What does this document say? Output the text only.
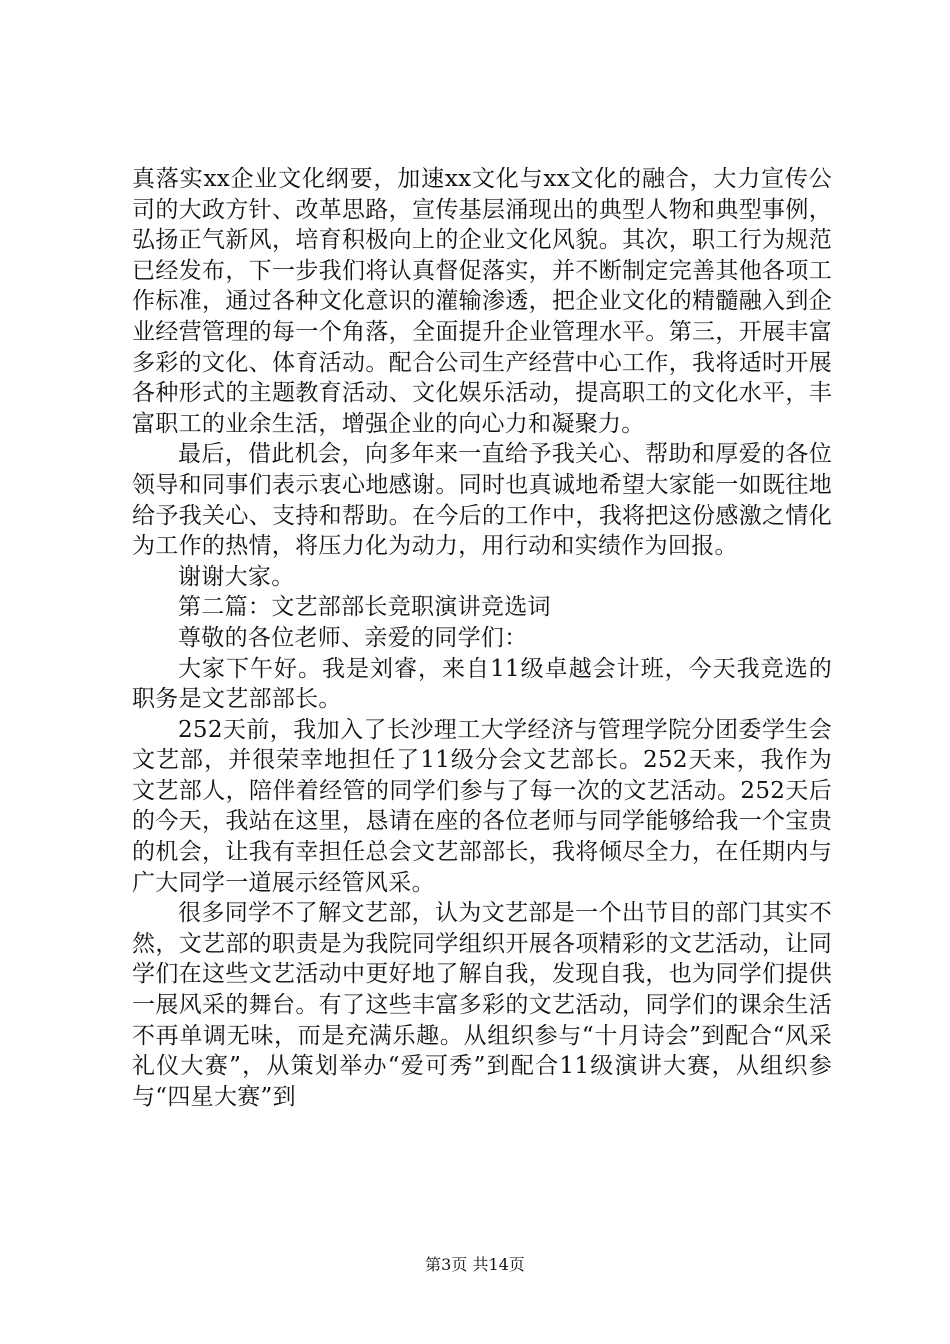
真落实xx企业文化纲要，加速xx文化与xx文化的融合，大力宣传公司的大政方针、改革思路，宣传基层涌现出的典型人物和典型事例，弘扬正气新风，培育积极向上的企业文化风貌。其次，职工行为规范已经发布，下一步我们将认真督促落实，并不断制定完善其他各项工作标准，通过各种文化意识的灌输渗透，把企业文化的精髓融入到企业经营管理的每一个角落，全面提升企业管理水平。第三，开展丰富多彩的文化、体育活动。配合公司生产经营中心工作，我将适时开展各种形式的主题教育活动、文化娱乐活动，提高职工的文化水平，丰富职工的业余生活，增强企业的向心力和凝聚力。

最后，借此机会，向多年来一直给予我关心、帮助和厚爱的各位领导和同事们表示衷心地感谢。同时也真诚地希望大家能一如既往地给予我关心、支持和帮助。在今后的工作中，我将把这份感激之情化为工作的热情，将压力化为动力，用行动和实绩作为回报。

谢谢大家。

第二篇：文艺部部长竞职演讲竞选词

尊敬的各位老师、亲爱的同学们：

大家下午好。我是刘睿，来自11级卓越会计班，今天我竞选的职务是文艺部部长。

252天前，我加入了长沙理工大学经济与管理学院分团委学生会文艺部，并很荣幸地担任了11级分会文艺部长。252天来，我作为文艺部人，陪伴着经管的同学们参与了每一次的文艺活动。252天后的今天，我站在这里，恳请在座的各位老师与同学能够给我一个宝贵的机会，让我有幸担任总会文艺部部长，我将倾尽全力，在任期内与广大同学一道展示经管风采。

很多同学不了解文艺部，认为文艺部是一个出节目的部门其实不然，文艺部的职责是为我院同学组织开展各项精彩的文艺活动，让同学们在这些文艺活动中更好地了解自我，发现自我，也为同学们提供一展风采的舞台。有了这些丰富多彩的文艺活动，同学们的课余生活不再单调无味，而是充满乐趣。从组织参与“十月诗会”到配合“风采礼仪大赛”，从策划举办“爱可秀”到配合11级演讲大赛，从组织参与“四星大赛”到

第3页 共14页
